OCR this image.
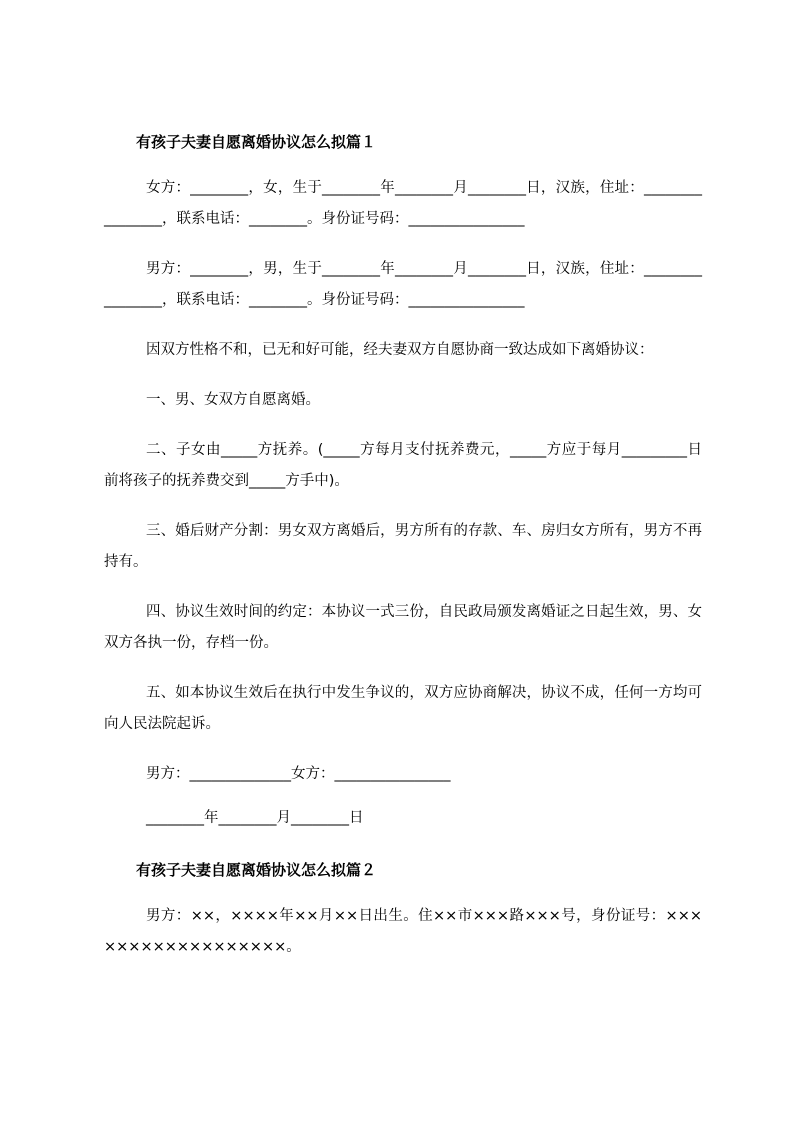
有孩子夫妻自愿离婚协议怎么拟篇１

女方：________，女，生于________年________月________日，汉族，住址：________________，联系电话：________。身份证号码：________________

男方：________，男，生于________年________月________日，汉族，住址：________________，联系电话：________。身份证号码：________________

因双方性格不和，已无和好可能，经夫妻双方自愿协商一致达成如下离婚协议：

一、男、女双方自愿离婚。

二、子女由_____方抚养。(_____方每月支付抚养费元，_____方应于每月_________日前将孩子的抚养费交到_____方手中)。

三、婚后财产分割：男女双方离婚后，男方所有的存款、车、房归女方所有，男方不再持有。

四、协议生效时间的约定：本协议一式三份，自民政局颁发离婚证之日起生效，男、女双方各执一份，存档一份。

五、如本协议生效后在执行中发生争议的，双方应协商解决，协议不成，任何一方均可向人民法院起诉。

男方：______________女方：________________

________年________月________日

有孩子夫妻自愿离婚协议怎么拟篇２

男方：××，××××年××月××日出生。住××市×××路×××号，身份证号：××××××××××××××××××。
